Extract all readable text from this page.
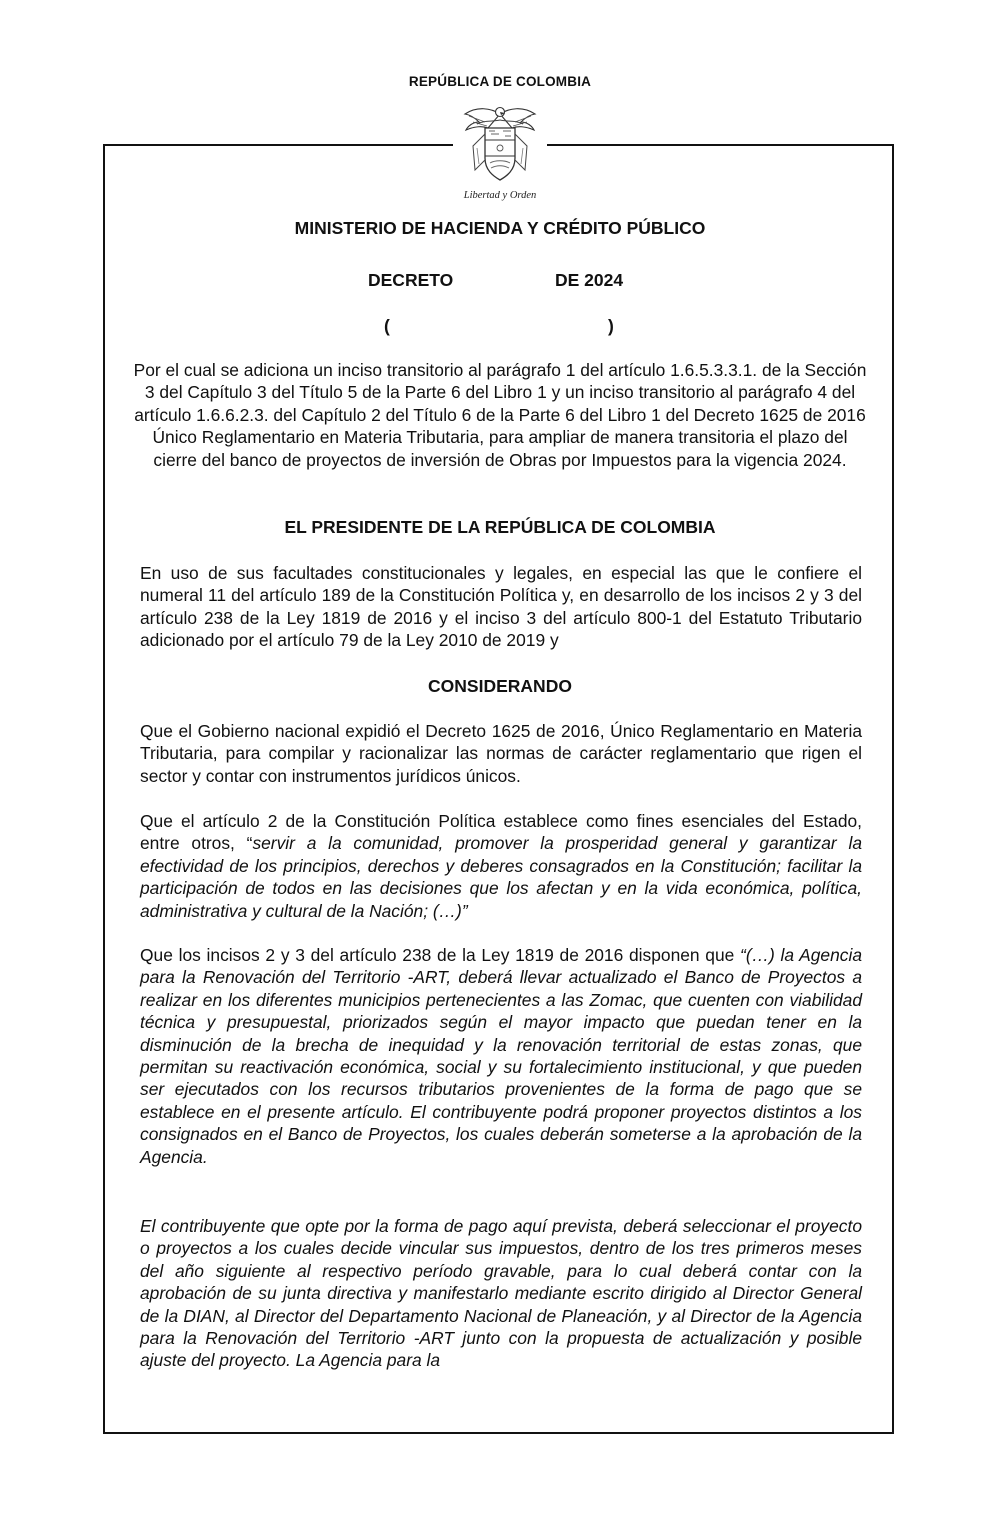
REPÚBLICA DE COLOMBIA
Libertad y Orden
MINISTERIO DE HACIENDA Y CRÉDITO PÚBLICO
DECRETO	DE 2024
(	)

Por el cual se adiciona un inciso transitorio al parágrafo 1 del artículo 1.6.5.3.3.1. de la Sección 3 del Capítulo 3 del Título 5 de la Parte 6 del Libro 1 y un inciso transitorio al parágrafo 4 del artículo 1.6.6.2.3. del Capítulo 2 del Título 6 de la Parte 6 del Libro 1 del Decreto 1625 de 2016 Único Reglamentario en Materia Tributaria, para ampliar de manera transitoria el plazo del cierre del banco de proyectos de inversión de Obras por Impuestos para la vigencia 2024.

EL PRESIDENTE DE LA REPÚBLICA DE COLOMBIA

En uso de sus facultades constitucionales y legales, en especial las que le confiere el numeral 11 del artículo 189 de la Constitución Política y, en desarrollo de los incisos 2 y 3 del artículo 238 de la Ley 1819 de 2016 y el inciso 3 del artículo 800-1 del Estatuto Tributario adicionado por el artículo 79 de la Ley 2010 de 2019 y

CONSIDERANDO

Que el Gobierno nacional expidió el Decreto 1625 de 2016, Único Reglamentario en Materia Tributaria, para compilar y racionalizar las normas de carácter reglamentario que rigen el sector y contar con instrumentos jurídicos únicos.

Que el artículo 2 de la Constitución Política establece como fines esenciales del Estado, entre otros, “servir a la comunidad, promover la prosperidad general y garantizar la efectividad de los principios, derechos y deberes consagrados en la Constitución; facilitar la participación de todos en las decisiones que los afectan y en la vida económica, política, administrativa y cultural de la Nación; (…)”

Que los incisos 2 y 3 del artículo 238 de la Ley 1819 de 2016 disponen que “(…) la Agencia para la Renovación del Territorio -ART, deberá llevar actualizado el Banco de Proyectos a realizar en los diferentes municipios pertenecientes a las Zomac, que cuenten con viabilidad técnica y presupuestal, priorizados según el mayor impacto que puedan tener en la disminución de la brecha de inequidad y la renovación territorial de estas zonas, que permitan su reactivación económica, social y su fortalecimiento institucional, y que pueden ser ejecutados con los recursos tributarios provenientes de la forma de pago que se establece en el presente artículo. El contribuyente podrá proponer proyectos distintos a los consignados en el Banco de Proyectos, los cuales deberán someterse a la aprobación de la Agencia.

El contribuyente que opte por la forma de pago aquí prevista, deberá seleccionar el proyecto o proyectos a los cuales decide vincular sus impuestos, dentro de los tres primeros meses del año siguiente al respectivo período gravable, para lo cual deberá contar con la aprobación de su junta directiva y manifestarlo mediante escrito dirigido al Director General de la DIAN, al Director del Departamento Nacional de Planeación, y al Director de la Agencia para la Renovación del Territorio -ART junto con la propuesta de actualización y posible ajuste del proyecto. La Agencia para la
